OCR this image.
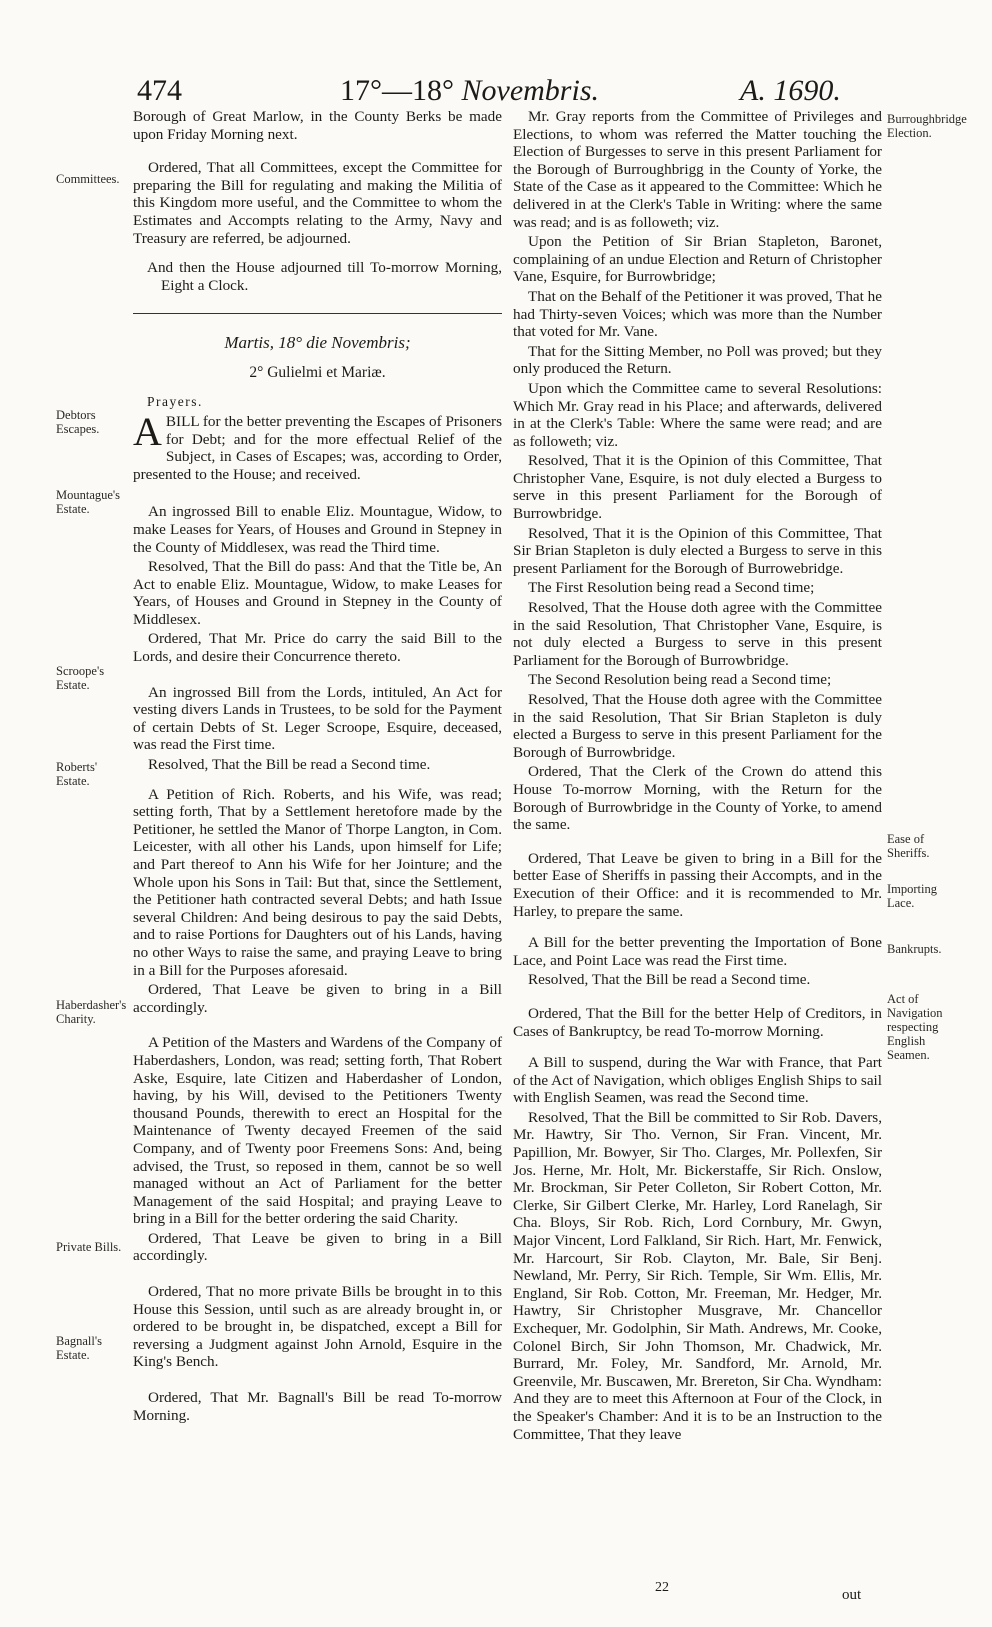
474	17°—18° Novembris.	A. 1690.

Borough of Great Marlow, in the County Berks be made upon Friday Morning next.

Ordered, That all Committees, except the Committee for preparing the Bill for regulating and making the Militia of this Kingdom more useful, and the Committee to whom the Estimates and Accompts relating to the Army, Navy and Treasury are referred, be adjourned.

And then the House adjourned till To-morrow Morning, Eight a Clock.
Martis, 18° die Novembris;
2° Gulielmi et Mariæ.
Prayers.

ABILL for the better preventing the Escapes of Prisoners for Debt; and for the more effectual Relief of the Subject, in Cases of Escapes; was, according to Order, presented to the House; and received.

An ingrossed Bill to enable Eliz. Mountague, Widow, to make Leases for Years, of Houses and Ground in Stepney in the County of Middlesex, was read the Third time.

Resolved, That the Bill do pass: And that the Title be, An Act to enable Eliz. Mountague, Widow, to make Leases for Years, of Houses and Ground in Stepney in the County of Middlesex.

Ordered, That Mr. Price do carry the said Bill to the Lords, and desire their Concurrence thereto.

An ingrossed Bill from the Lords, intituled, An Act for vesting divers Lands in Trustees, to be sold for the Payment of certain Debts of St. Leger Scroope, Esquire, deceased, was read the First time.

Resolved, That the Bill be read a Second time.

A Petition of Rich. Roberts, and his Wife, was read; setting forth, That by a Settlement heretofore made by the Petitioner, he settled the Manor of Thorpe Langton, in Com. Leicester, with all other his Lands, upon himself for Life; and Part thereof to Ann his Wife for her Jointure; and the Whole upon his Sons in Tail: But that, since the Settlement, the Petitioner hath contracted several Debts; and hath Issue several Children: And being desirous to pay the said Debts, and to raise Portions for Daughters out of his Lands, having no other Ways to raise the same, and praying Leave to bring in a Bill for the Purposes aforesaid.

Ordered, That Leave be given to bring in a Bill accordingly.

A Petition of the Masters and Wardens of the Company of Haberdashers, London, was read; setting forth, That Robert Aske, Esquire, late Citizen and Haberdasher of London, having, by his Will, devised to the Petitioners Twenty thousand Pounds, therewith to erect an Hospital for the Maintenance of Twenty decayed Freemen of the said Company, and of Twenty poor Freemens Sons: And, being advised, the Trust, so reposed in them, cannot be so well managed without an Act of Parliament for the better Management of the said Hospital; and praying Leave to bring in a Bill for the better ordering the said Charity.

Ordered, That Leave be given to bring in a Bill accordingly.

Ordered, That no more private Bills be brought in to this House this Session, until such as are already brought in, or ordered to be brought in, be dispatched, except a Bill for reversing a Judgment against John Arnold, Esquire in the King's Bench.

Ordered, That Mr. Bagnall's Bill be read To-morrow Morning.

Mr. Gray reports from the Committee of Privileges and Elections, to whom was referred the Matter touching the Election of Burgesses to serve in this present Parliament for the Borough of Burroughbrigg in the County of Yorke, the State of the Case as it appeared to the Committee: Which he delivered in at the Clerk's Table in Writing: where the same was read; and is as followeth; viz.

Upon the Petition of Sir Brian Stapleton, Baronet, complaining of an undue Election and Return of Christopher Vane, Esquire, for Burrowbridge;

That on the Behalf of the Petitioner it was proved, That he had Thirty-seven Voices; which was more than the Number that voted for Mr. Vane.

That for the Sitting Member, no Poll was proved; but they only produced the Return.

Upon which the Committee came to several Resolutions: Which Mr. Gray read in his Place; and afterwards, delivered in at the Clerk's Table: Where the same were read; and are as followeth; viz.

Resolved, That it is the Opinion of this Committee, That Christopher Vane, Esquire, is not duly elected a Burgess to serve in this present Parliament for the Borough of Burrowbridge.

Resolved, That it is the Opinion of this Committee, That Sir Brian Stapleton is duly elected a Burgess to serve in this present Parliament for the Borough of Burrowebridge.

The First Resolution being read a Second time;

Resolved, That the House doth agree with the Committee in the said Resolution, That Christopher Vane, Esquire, is not duly elected a Burgess to serve in this present Parliament for the Borough of Burrowbridge.

The Second Resolution being read a Second time;

Resolved, That the House doth agree with the Committee in the said Resolution, That Sir Brian Stapleton is duly elected a Burgess to serve in this present Parliament for the Borough of Burrowbridge.

Ordered, That the Clerk of the Crown do attend this House To-morrow Morning, with the Return for the Borough of Burrowbridge in the County of Yorke, to amend the same.

Ordered, That Leave be given to bring in a Bill for the better Ease of Sheriffs in passing their Accompts, and in the Execution of their Office: and it is recommended to Mr. Harley, to prepare the same.

A Bill for the better preventing the Importation of Bone Lace, and Point Lace was read the First time.

Resolved, That the Bill be read a Second time.

Ordered, That the Bill for the better Help of Creditors, in Cases of Bankruptcy, be read To-morrow Morning.

A Bill to suspend, during the War with France, that Part of the Act of Navigation, which obliges English Ships to sail with English Seamen, was read the Second time.

Resolved, That the Bill be committed to Sir Rob. Davers, Mr. Hawtry, Sir Tho. Vernon, Sir Fran. Vincent, Mr. Papillion, Mr. Bowyer, Sir Tho. Clarges, Mr. Pollexfen, Sir Jos. Herne, Mr. Holt, Mr. Bickerstaffe, Sir Rich. Onslow, Mr. Brockman, Sir Peter Colleton, Sir Robert Cotton, Mr. Clerke, Sir Gilbert Clerke, Mr. Harley, Lord Ranelagh, Sir Cha. Bloys, Sir Rob. Rich, Lord Cornbury, Mr. Gwyn, Major Vincent, Lord Falkland, Sir Rich. Hart, Mr. Fenwick, Mr. Harcourt, Sir Rob. Clayton, Mr. Bale, Sir Benj. Newland, Mr. Perry, Sir Rich. Temple, Sir Wm. Ellis, Mr. England, Sir Rob. Cotton, Mr. Freeman, Mr. Hedger, Mr. Hawtry, Sir Christopher Musgrave, Mr. Chancellor Exchequer, Mr. Godolphin, Sir Math. Andrews, Mr. Cooke, Colonel Birch, Sir John Thomson, Mr. Chadwick, Mr. Burrard, Mr. Foley, Mr. Sandford, Mr. Arnold, Mr. Greenvile, Mr. Buscawen, Mr. Brereton, Sir Cha. Wyndham: And they are to meet this Afternoon at Four of the Clock, in the Speaker's Chamber: And it is to be an Instruction to the Committee, That they leave

Committees.
Debtors Escapes.
Mountague's Estate.
Scroope's Estate.
Roberts' Estate.
Haberdasher's Charity.
Private Bills.
Bagnall's Estate.
Burroughbridge Election.
Ease of Sheriffs.
Importing Lace.
Bankrupts.
Act of Navigation respecting English Seamen.
22	out
